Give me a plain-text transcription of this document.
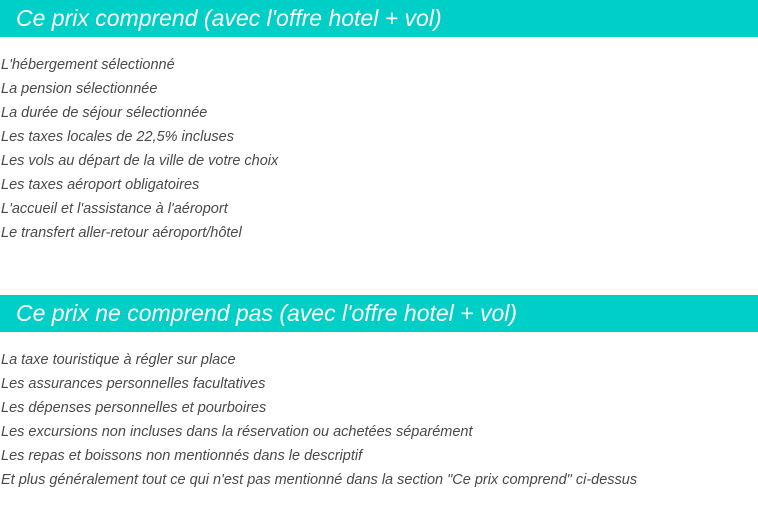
Ce prix comprend (avec l'offre hotel + vol)
L'hébergement sélectionné
La pension sélectionnée
La durée de séjour sélectionnée
Les taxes locales de 22,5% incluses
Les vols au départ de la ville de votre choix
Les taxes aéroport obligatoires
L'accueil et l'assistance à l'aéroport
Le transfert aller-retour aéroport/hôtel
Ce prix ne comprend pas (avec l'offre hotel + vol)
La taxe touristique à régler sur place
Les assurances personnelles facultatives
Les dépenses personnelles et pourboires
Les excursions non incluses dans la réservation ou achetées séparément
Les repas et boissons non mentionnés dans le descriptif
Et plus généralement tout ce qui n'est pas mentionné dans la section "Ce prix comprend" ci-dessus
